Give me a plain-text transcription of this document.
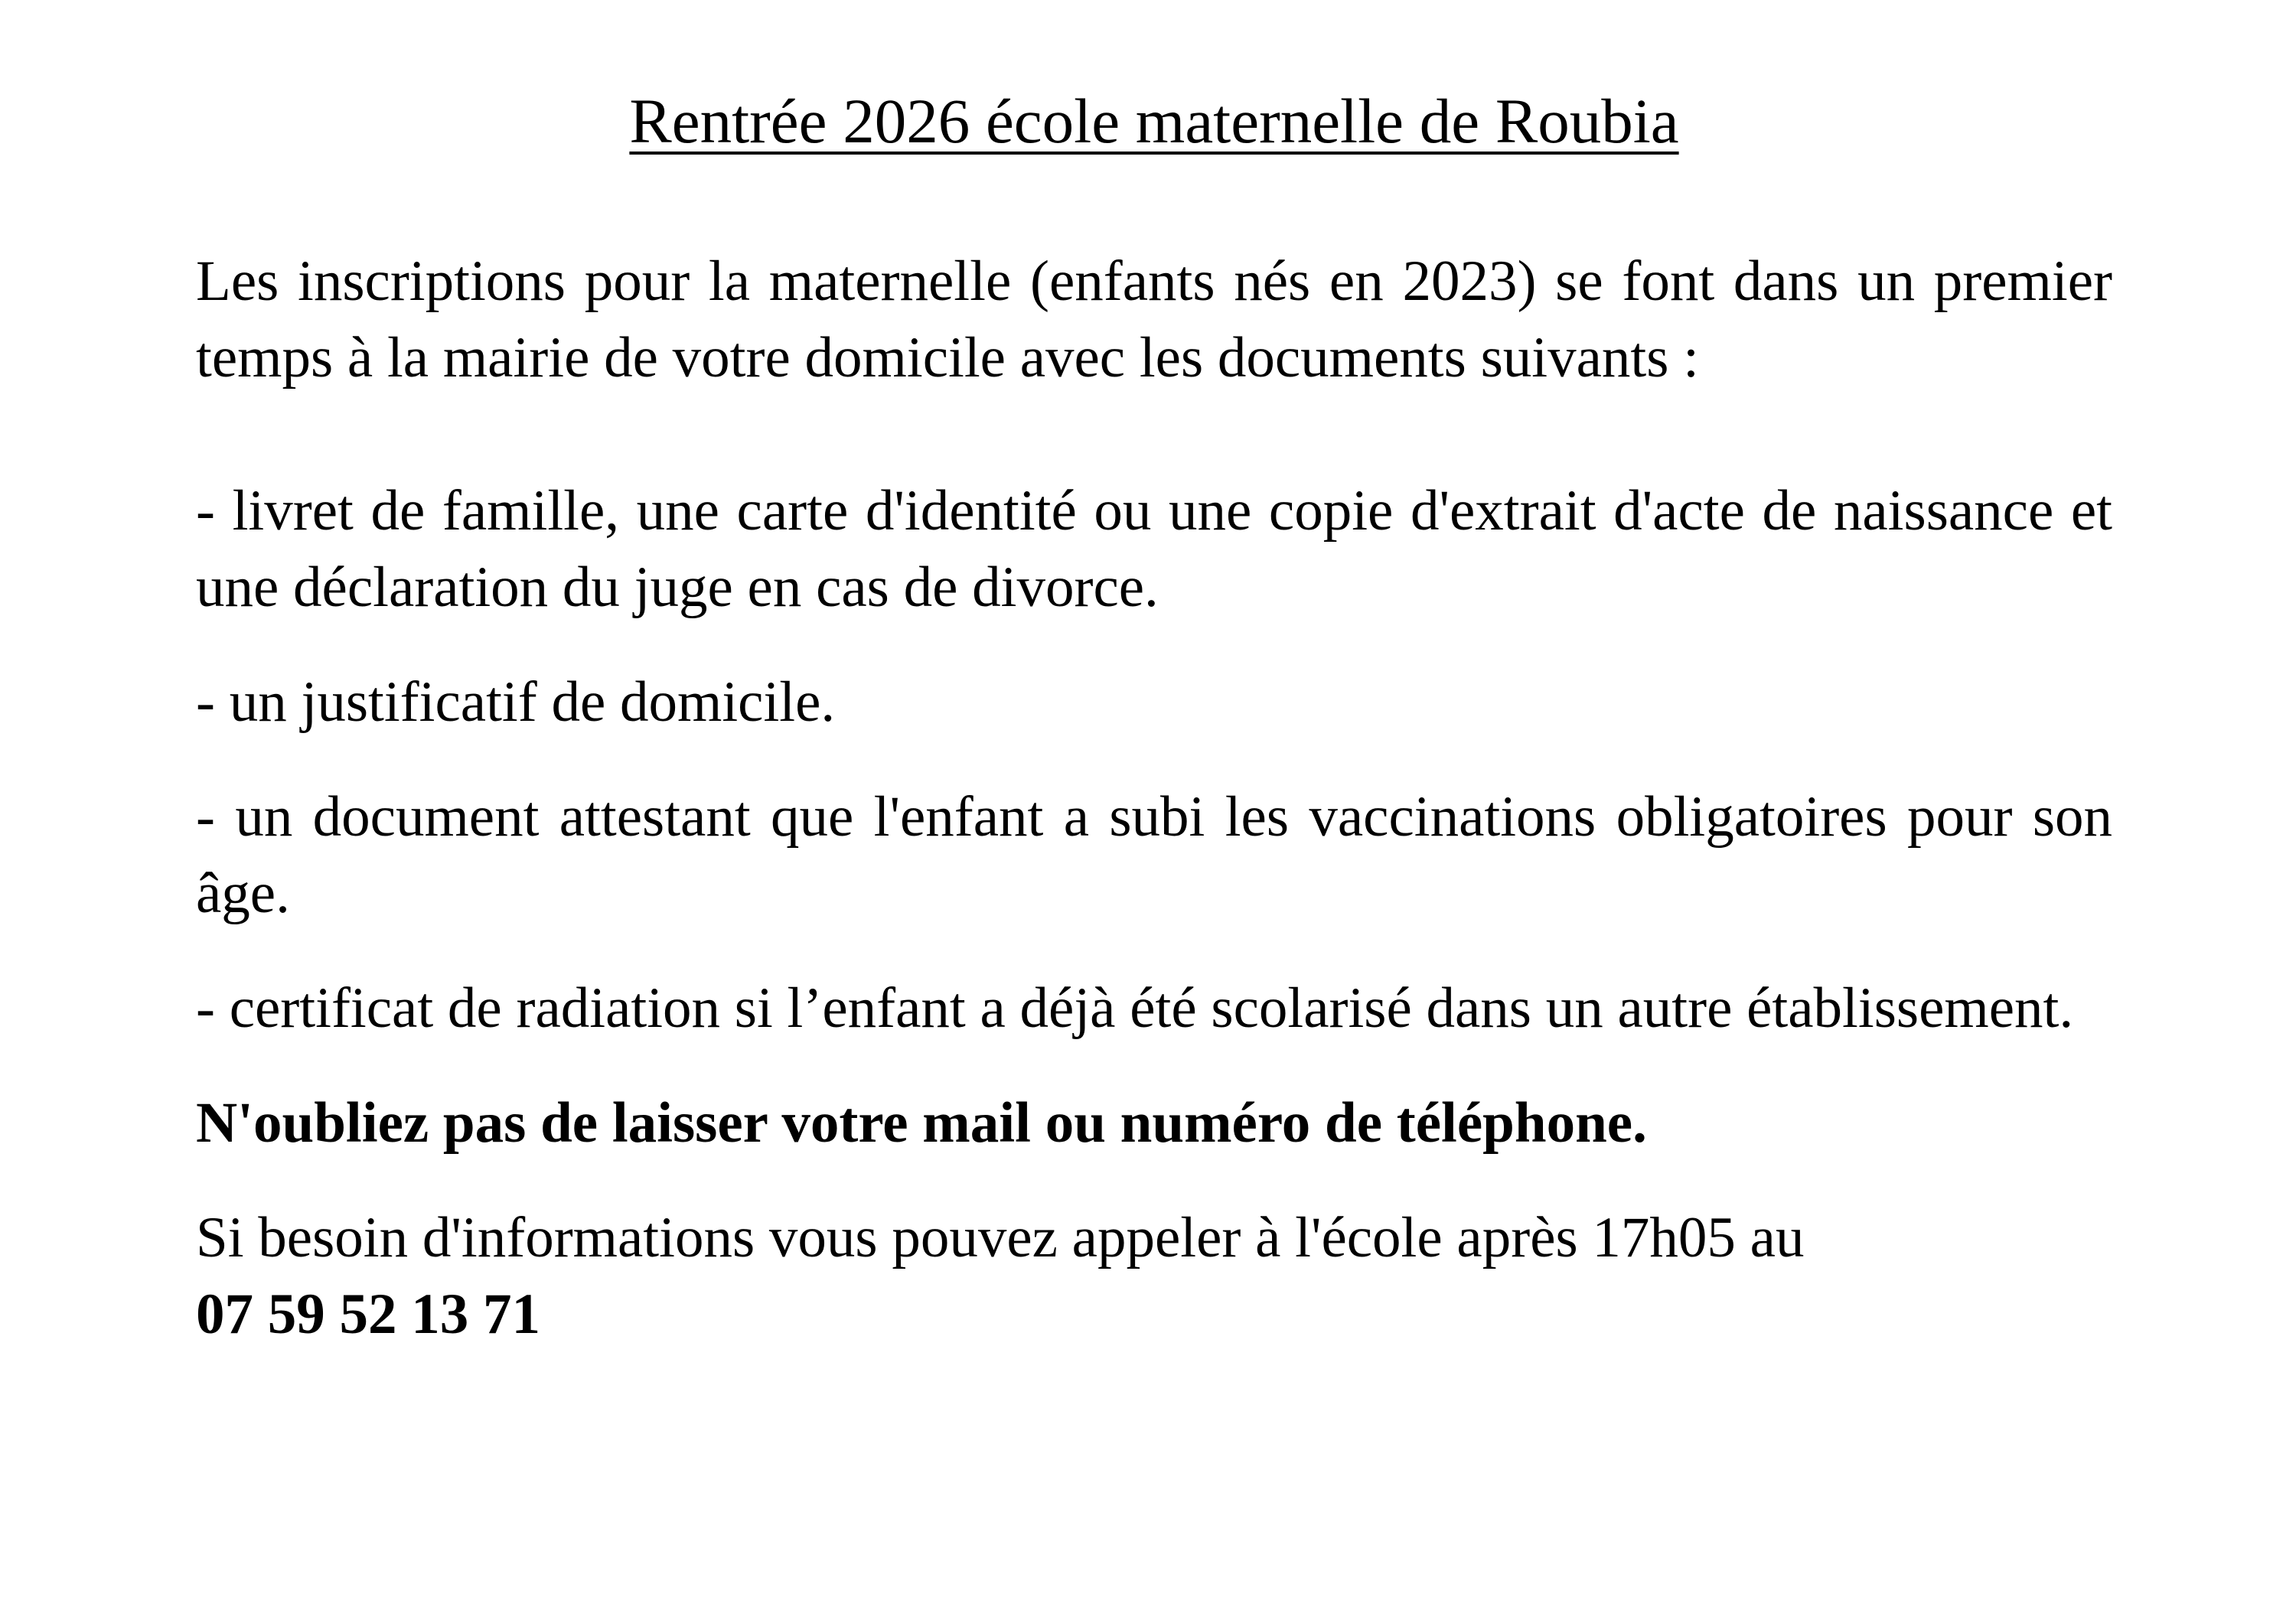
Rentrée 2026 école maternelle de Roubia

Les inscriptions pour la maternelle (enfants nés en 2023) se font dans un premier temps à la mairie de votre domicile avec les documents suivants :

- livret de famille, une carte d'identité ou une copie d'extrait d'acte de naissance et une déclaration du juge en cas de divorce.

- un justificatif de domicile.

- un document attestant que l'enfant a subi les vaccinations obligatoires pour son âge.

- certificat de radiation si l’enfant a déjà été scolarisé dans un autre établissement.

N'oubliez pas de laisser votre mail ou numéro de téléphone.

Si besoin d'informations vous pouvez appeler à l'école après 17h05 au
07 59 52 13 71
